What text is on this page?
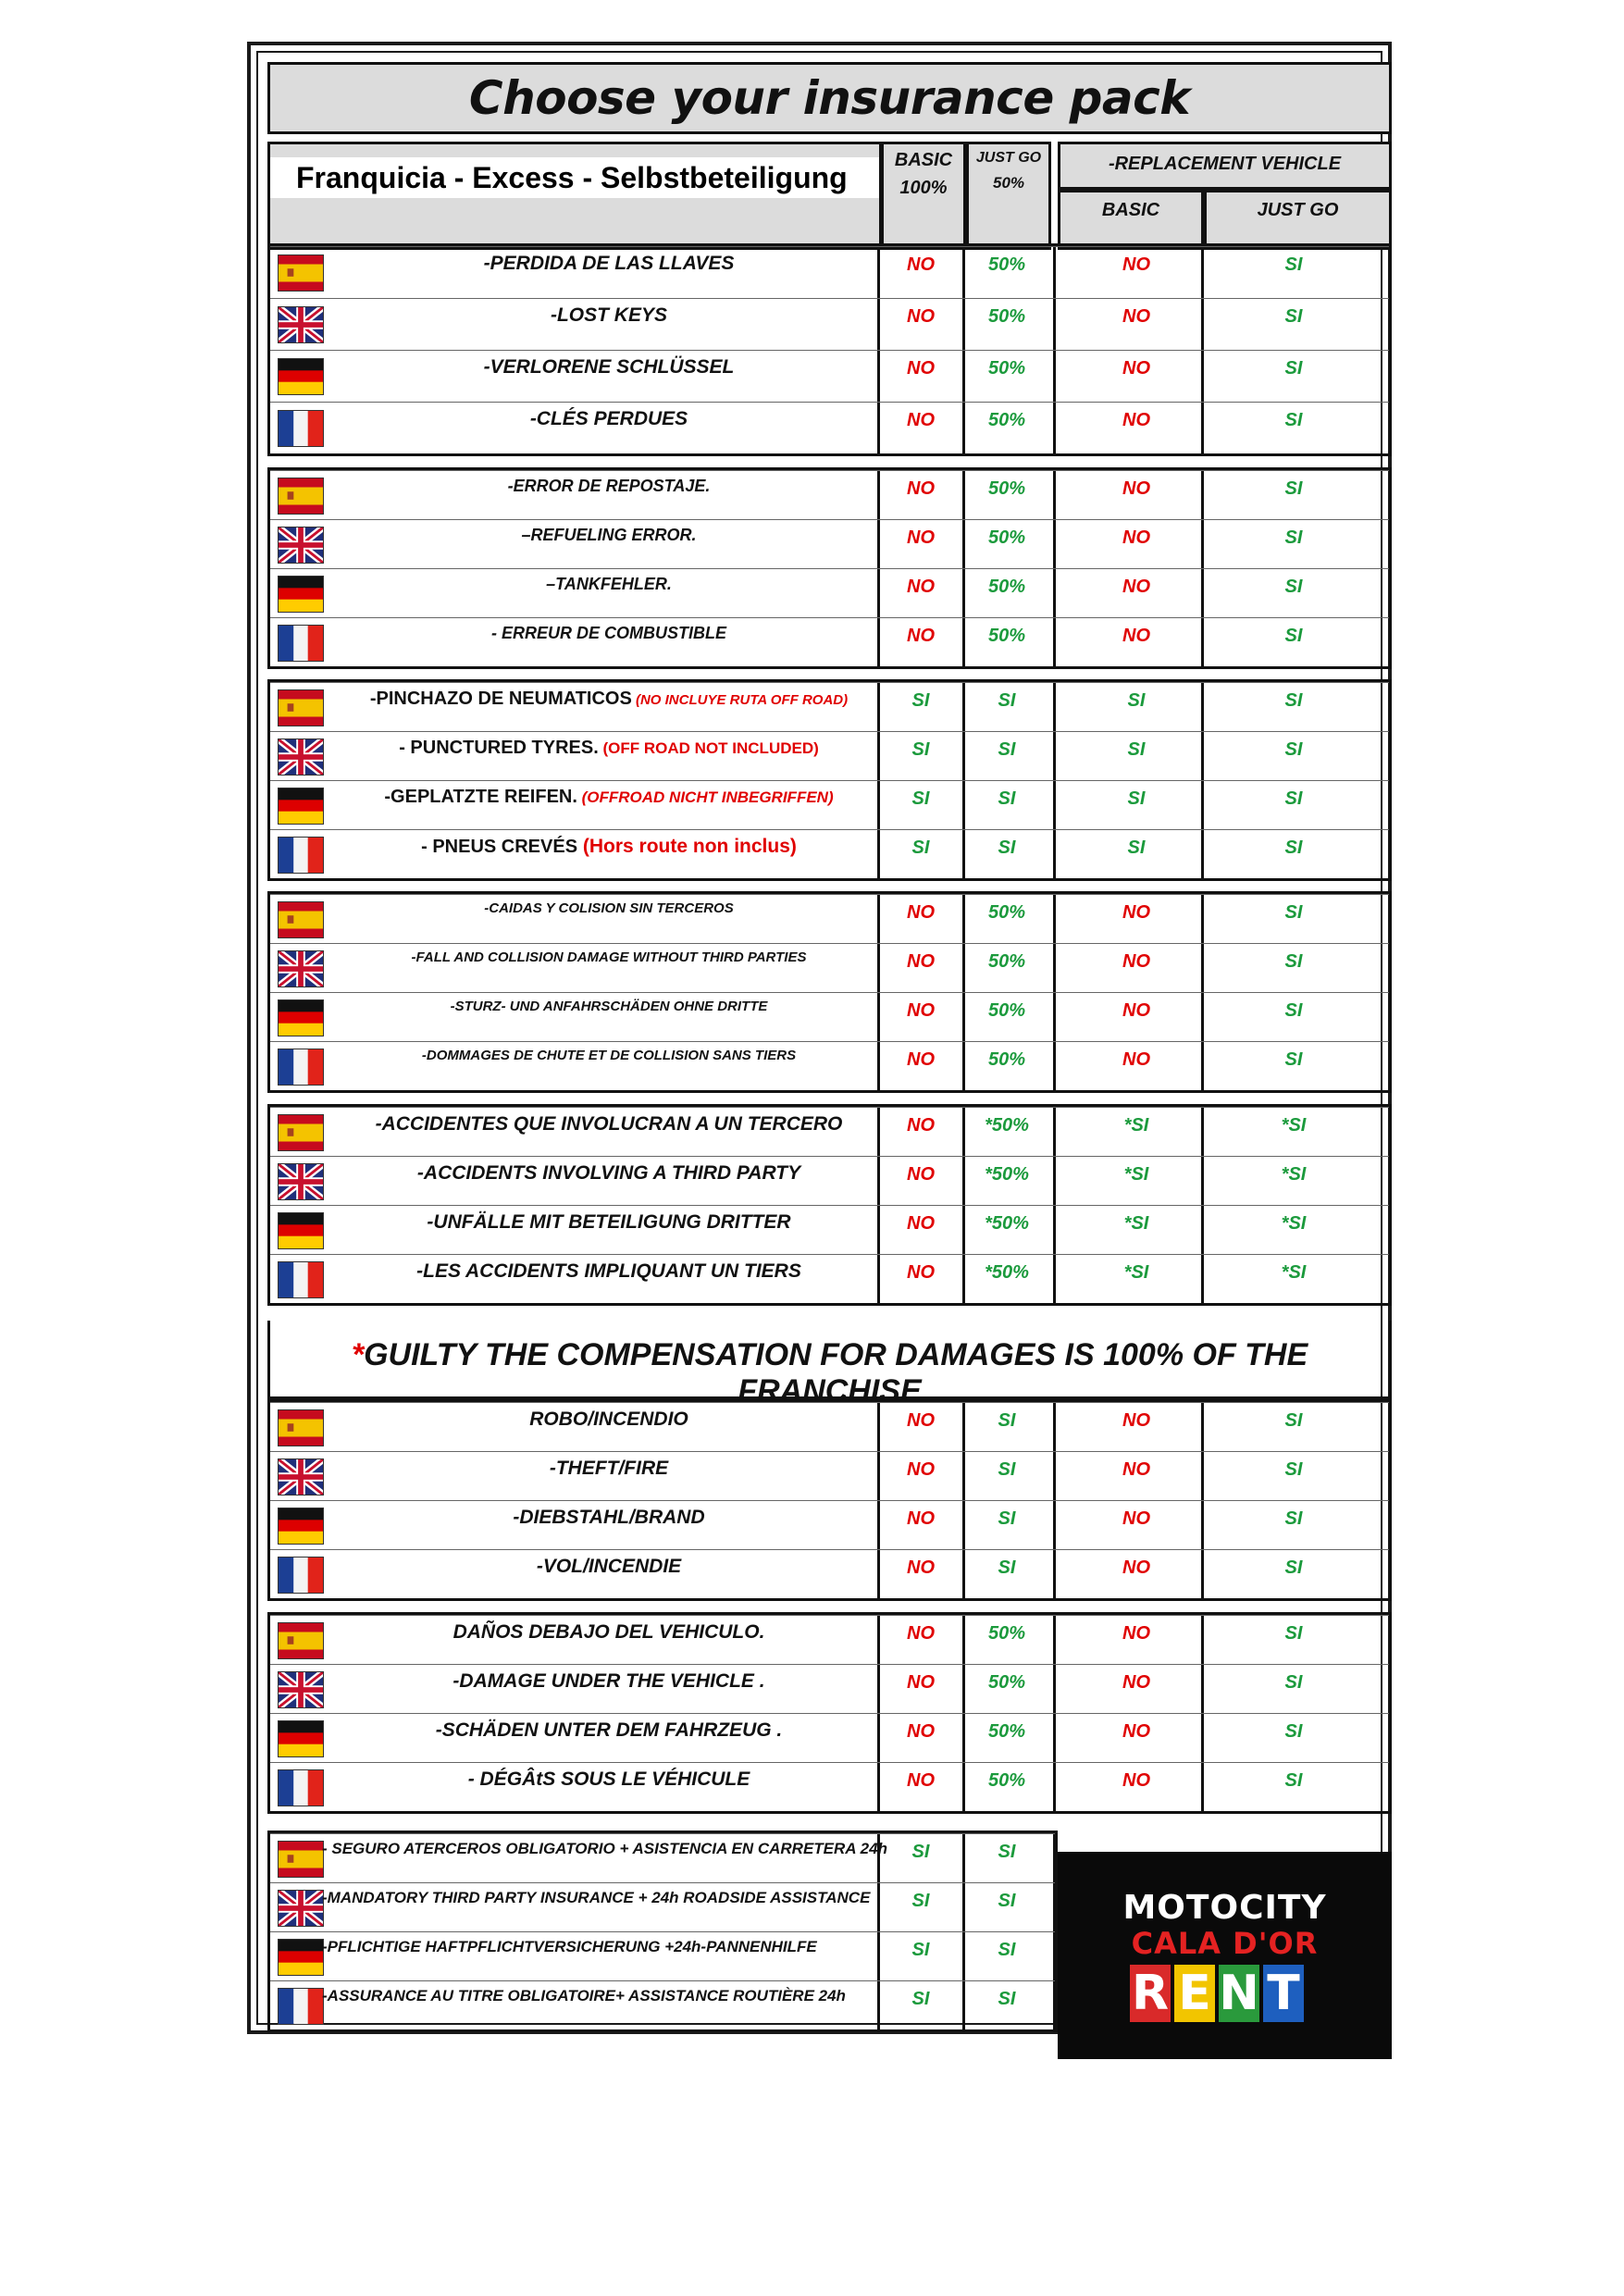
Choose your insurance pack
Franquicia - Excess - Selbstbeteiligung
BASIC
100%
JUST GO
50%
-REPLACEMENT VEHICLE
BASIC	JUST GO
-PERDIDA DE LAS LLAVES	NO	50%	NO	SI
-LOST KEYS	NO	50%	NO	SI
-VERLORENE SCHLÜSSEL	NO	50%	NO	SI
-CLÉS PERDUES	NO	50%	NO	SI
-ERROR DE REPOSTAJE.	NO	50%	NO	SI
–REFUELING ERROR.	NO	50%	NO	SI
–TANKFEHLER.	NO	50%	NO	SI
- ERREUR DE COMBUSTIBLE	NO	50%	NO	SI
-PINCHAZO DE NEUMATICOS (NO INCLUYE RUTA OFF ROAD)	SI	SI	SI	SI
- PUNCTURED TYRES. (OFF ROAD NOT INCLUDED)	SI	SI	SI	SI
-GEPLATZTE REIFEN. (OFFROAD NICHT INBEGRIFFEN)	SI	SI	SI	SI
- PNEUS CREVÉS (Hors route non inclus)	SI	SI	SI	SI
-CAIDAS Y COLISION SIN TERCEROS	NO	50%	NO	SI
-FALL AND COLLISION DAMAGE WITHOUT THIRD PARTIES	NO	50%	NO	SI
-STURZ- UND ANFAHRSCHÄDEN OHNE DRITTE	NO	50%	NO	SI
-DOMMAGES DE CHUTE ET DE COLLISION SANS TIERS	NO	50%	NO	SI
-ACCIDENTES QUE INVOLUCRAN A UN TERCERO	NO	*50%	*SI	*SI
-ACCIDENTS INVOLVING A THIRD PARTY	NO	*50%	*SI	*SI
-UNFÄLLE MIT BETEILIGUNG DRITTER	NO	*50%	*SI	*SI
-LES ACCIDENTS IMPLIQUANT UN TIERS	NO	*50%	*SI	*SI
ROBO/INCENDIO	NO	SI	NO	SI
-THEFT/FIRE	NO	SI	NO	SI
-DIEBSTAHL/BRAND	NO	SI	NO	SI
-VOL/INCENDIE	NO	SI	NO	SI
DAÑOS DEBAJO DEL VEHICULO.	NO	50%	NO	SI
-DAMAGE UNDER THE VEHICLE .	NO	50%	NO	SI
-SCHÄDEN UNTER DEM FAHRZEUG .	NO	50%	NO	SI
- DÉGÂtS SOUS LE VÉHICULE	NO	50%	NO	SI
- SEGURO ATERCEROS OBLIGATORIO + ASISTENCIA EN CARRETERA 24h	SI	SI
-MANDATORY THIRD PARTY INSURANCE + 24h ROADSIDE ASSISTANCE	SI	SI
-PFLICHTIGE HAFTPFLICHTVERSICHERUNG +24h-PANNENHILFE	SI	SI
-ASSURANCE AU TITRE OBLIGATOIRE+ ASSISTANCE ROUTIÈRE 24h	SI	SI
*GUILTY THE COMPENSATION FOR DAMAGES IS 100% OF THE FRANCHISE
MOTOCITY
CALA D'OR
R E N T
